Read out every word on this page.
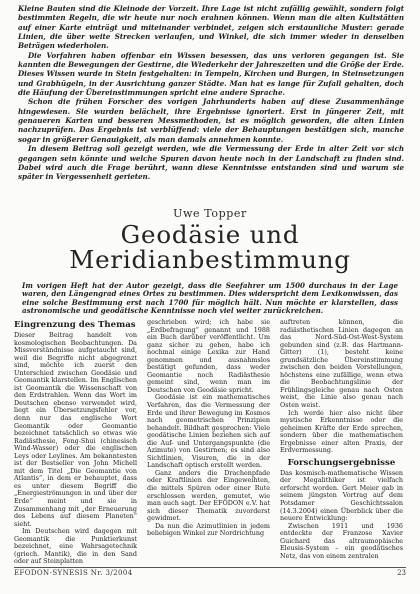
Kleine Bauten sind die Kleinode der Vorzeit. Ihre Lage ist nicht zufällig gewählt, sondern folgt bestimmten Regeln, die wir heute nur noch erahnen können. Wenn man die alten Kultstätten auf einer Karte einträgt und miteinander verbindet, zeigen sich erstaunliche Muster: gerade Linien, die über weite Strecken verlaufen, und Winkel, die sich immer wieder in denselben Beträgen wiederholen.

Die Vorfahren haben offenbar ein Wissen besessen, das uns verloren gegangen ist. Sie kannten die Bewegungen der Gestirne, die Wiederkehr der Jahreszeiten und die Größe der Erde. Dieses Wissen wurde in Stein festgehalten: in Tempeln, Kirchen und Burgen, in Steinsetzungen und Grabhügeln, in der Ausrichtung ganzer Städte. Man hat es lange für Zufall gehalten, doch die Häufung der Übereinstimmungen spricht eine andere Sprache.

Schon die frühen Forscher des vorigen Jahrhunderts haben auf diese Zusammenhänge hingewiesen. Sie wurden belächelt, ihre Ergebnisse ignoriert. Erst in jüngerer Zeit, mit genaueren Karten und besseren Messmethoden, ist es möglich geworden, die alten Linien nachzuprüfen. Das Ergebnis ist verblüffend: viele der Behauptungen bestätigen sich, manche sogar in größerer Genauigkeit, als man damals annehmen konnte.

In diesem Beitrag soll gezeigt werden, wie die Vermessung der Erde in alter Zeit vor sich gegangen sein könnte und welche Spuren davon heute noch in der Landschaft zu finden sind. Dabei wird auch die Frage berührt, wann diese Kenntnisse entstanden sind und warum sie später in Vergessenheit gerieten.

Uwe Topper
Geodäsie und
Meridianbestimmung
Im vorigen Heft hat der Autor gezeigt, dass die Seefahrer um 1500 durchaus in der Lage waren, den Längengrad eines Ortes zu bestimmen. Dies widerspricht dem Lexikonwissen, das eine solche Bestimmung erst nach 1700 für möglich hält. Nun möchte er klarstellen, dass astronomische und geodätische Kenntnisse noch viel weiter zurückreichen.
Eingrenzung des Themas

Dieser Beitrag handelt von kosmologischen Beobachtungen. Da Missverständnisse aufgetaucht sind, weil die Begriffe nicht abgegrenzt sind, möchte ich zuerst den Unterschied zwischen Geodäsie und Geomantik klarstellen. Im Englischen ist Geomantik die Wissenschaft von den Erdstrahlen. Wenn das Wort im Deutschen ebenso verwendet wird, liegt ein Übersetzungsfehler vor, denn nur das englische Wort Geomantik oder Geomantie bezeichnet tatsächlich so etwas wie Radiästhesie, Feng-Shui (chinesisch Wind-Wasser) oder die englischen Leys oder Leylines. Am bekanntesten ist der Bestseller von John Michell mit dem Titel „Die Geomantie von Atlantis“, in dem er behauptet, dass es unter diesem Begriff die „Energieströmungen in und über der Erde“ meint und sie in Zusammenhang mit „der Erneuerung des Lebens auf diesem Planeten“ sieht.

Im Deutschen wird dagegen mit Geomantik die Punktierkunst bezeichnet, eine Wahrsagetechnik (griech. Mantik), die in den Sand oder auf Steinplatten

geschrieben wird; ich habe sie „Erdbefragung“ genannt und 1988 ein Buch darüber veröffentlicht. Um ganz sicher zu gehen, habe ich nochmal einige Lexika zur Hand genommen und ausnahmslos bestätigt gefunden, dass weder Geomantie noch Radiästhesie gemeint sind, wenn man im Deutschen von Geodäsie spricht.

Geodäsie ist ein mathematisches Verfahren, das die Vermessung der Erde und ihrer Bewegung im Kosmos nach geometrischen Prinzipien behandelt. Bildhaft gesprochen: Viele geodätische Linien beziehen sich auf die Auf- und Untergangspunkte (die Azimute) von Gestirnen; es sind also Sichtlinien, Visuren, die in der Landschaft optisch erstellt werden.

Ganz anders die Drachenpfade oder Kraftlinien der Eingeweihten, die mittels Spüren oder einer Rute erschlossen werden, gemutet, wie man auch sagt. Der EFODON e.V. hat sich dieser Thematik zuvorderst gewidmet.

Da nun die Azimutlinien in jedem beliebigen Winkel zur Nordrichtung

auftreten können, die radiästhetischen Linien dagegen an das Nord-Süd-Ost-West-System gebunden sind (z.B. das Hartmann-Gitter) (1), besteht keine grundsätzliche Übereinstimmung zwischen den beiden Vorstellungen, höchstens eine zufällige, wenn etwa die Beobachtungslinie der Frühlingsgleiche genau nach Osten weist, die Linie also genau nach Osten weist.

Ich werde hier also nicht über mystische Erkenntnisse oder die geheimen Kräfte der Erde sprechen, sondern über die mathematischen Ergebnisse einer alten Praxis, der Erdvermessung.

Forschungsergebnisse

Das kosmisch-mathematische Wissen der Megalithiker ist vielfach erforscht worden. Gert Meier gab in seinem jüngsten Vortrag auf dem Potsdamer Geschichtssalon (14.3.2004) einen Überblick über die neuere Entwicklung:

Zwischen 1911 und 1936 entdeckte der Franzose Xavier Guichard das altraumopäische Eleusis-System – ein geodätisches Netz, das von einem zentralen

EFODON-SYNESIS Nr. 3/2004	23
